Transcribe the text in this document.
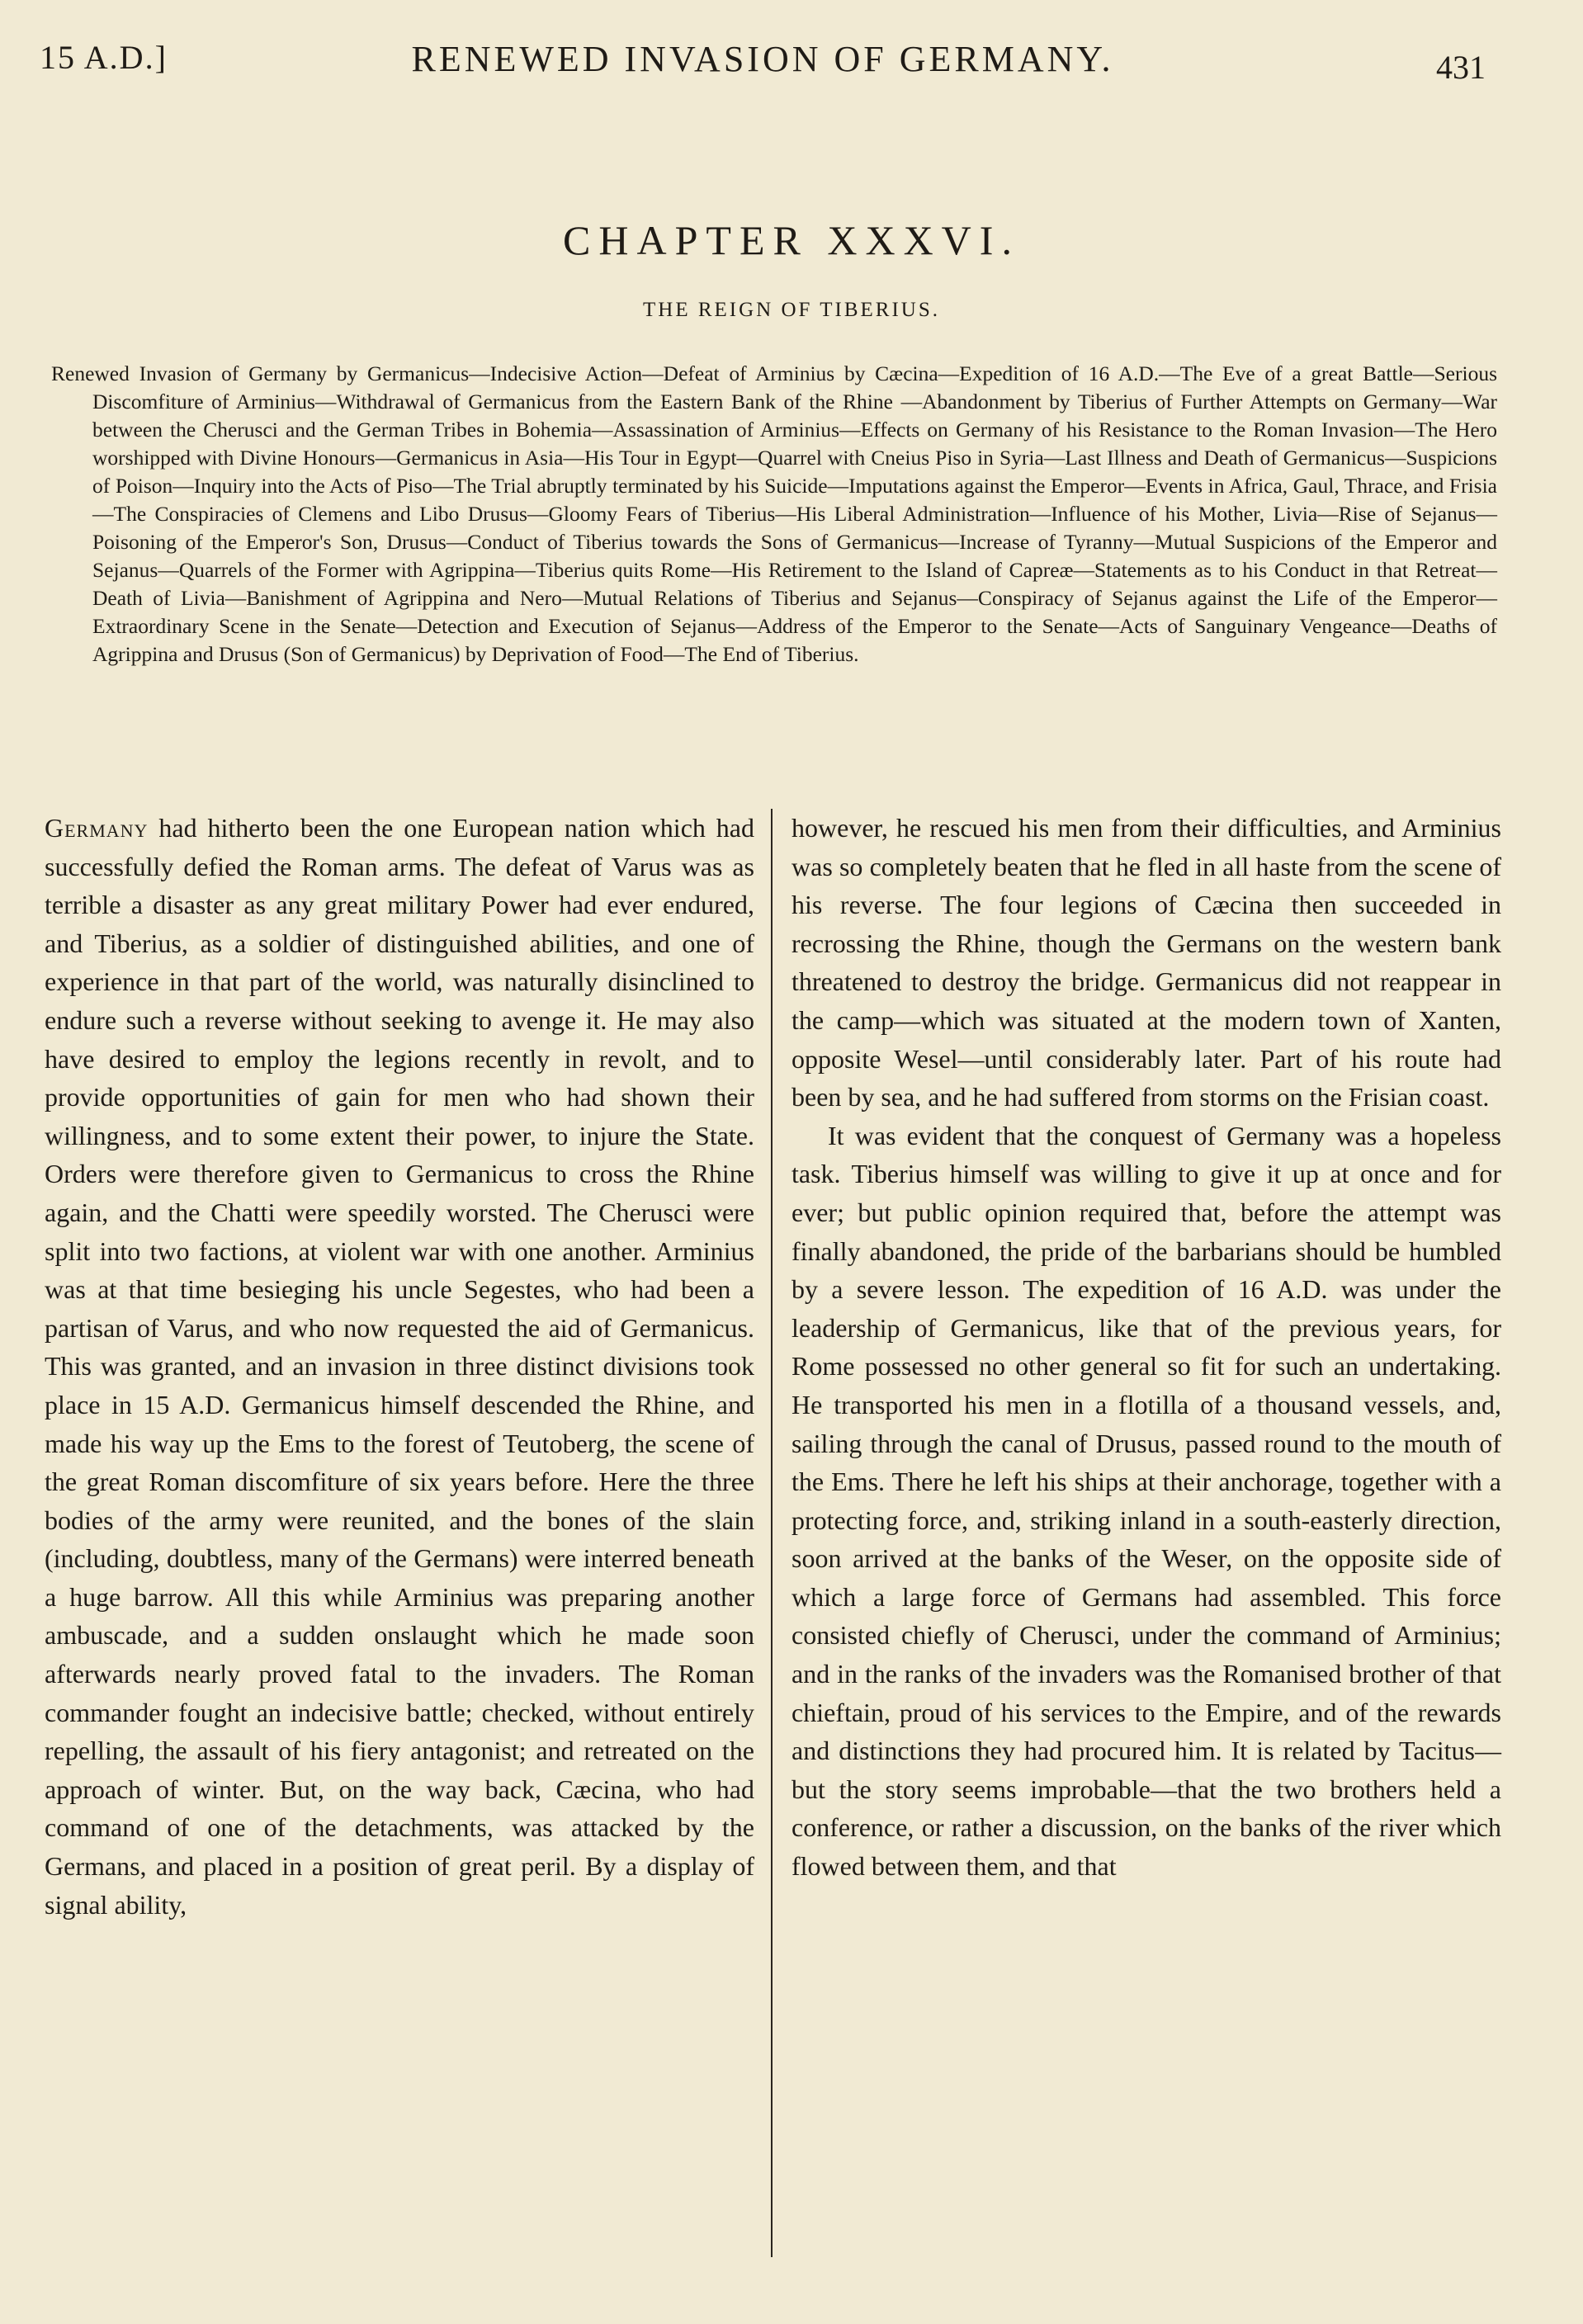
15 A.D.]	RENEWED INVASION OF GERMANY.	431
CHAPTER XXXVI.
THE REIGN OF TIBERIUS.
Renewed Invasion of Germany by Germanicus—Indecisive Action—Defeat of Arminius by Cæcina—Expedition of 16 A.D.—The Eve of a great Battle—Serious Discomfiture of Arminius—Withdrawal of Germanicus from the Eastern Bank of the Rhine —Abandonment by Tiberius of Further Attempts on Germany—War between the Cherusci and the German Tribes in Bohemia—Assassination of Arminius—Effects on Germany of his Resistance to the Roman Invasion—The Hero worshipped with Divine Honours—Germanicus in Asia—His Tour in Egypt—Quarrel with Cneius Piso in Syria—Last Illness and Death of Germanicus—Suspicions of Poison—Inquiry into the Acts of Piso—The Trial abruptly terminated by his Suicide—Imputations against the Emperor—Events in Africa, Gaul, Thrace, and Frisia—The Conspiracies of Clemens and Libo Drusus—Gloomy Fears of Tiberius—His Liberal Administration—Influence of his Mother, Livia—Rise of Sejanus—Poisoning of the Emperor's Son, Drusus—Conduct of Tiberius towards the Sons of Germanicus—Increase of Tyranny—Mutual Suspicions of the Emperor and Sejanus—Quarrels of the Former with Agrippina—Tiberius quits Rome—His Retirement to the Island of Capreæ—Statements as to his Conduct in that Retreat—Death of Livia—Banishment of Agrippina and Nero—Mutual Relations of Tiberius and Sejanus—Conspiracy of Sejanus against the Life of the Emperor—Extraordinary Scene in the Senate—Detection and Execution of Sejanus—Address of the Emperor to the Senate—Acts of Sanguinary Vengeance—Deaths of Agrippina and Drusus (Son of Germanicus) by Deprivation of Food—The End of Tiberius.

Germany had hitherto been the one European nation which had successfully defied the Roman arms. The defeat of Varus was as terrible a disaster as any great military Power had ever endured, and Tiberius, as a soldier of distinguished abilities, and one of experience in that part of the world, was naturally disinclined to endure such a reverse without seeking to avenge it. He may also have desired to employ the legions recently in revolt, and to provide opportunities of gain for men who had shown their willingness, and to some extent their power, to injure the State. Orders were therefore given to Germanicus to cross the Rhine again, and the Chatti were speedily worsted. The Cherusci were split into two factions, at violent war with one another. Arminius was at that time besieging his uncle Segestes, who had been a partisan of Varus, and who now requested the aid of Germanicus. This was granted, and an invasion in three distinct divisions took place in 15 A.D. Germanicus himself descended the Rhine, and made his way up the Ems to the forest of Teutoberg, the scene of the great Roman discomfiture of six years before. Here the three bodies of the army were reunited, and the bones of the slain (including, doubtless, many of the Germans) were interred beneath a huge barrow. All this while Arminius was preparing another ambuscade, and a sudden onslaught which he made soon afterwards nearly proved fatal to the invaders. The Roman commander fought an indecisive battle; checked, without entirely repelling, the assault of his fiery antagonist; and retreated on the approach of winter. But, on the way back, Cæcina, who had command of one of the detachments, was attacked by the Germans, and placed in a position of great peril. By a display of signal ability,

however, he rescued his men from their difficulties, and Arminius was so completely beaten that he fled in all haste from the scene of his reverse. The four legions of Cæcina then succeeded in recrossing the Rhine, though the Germans on the western bank threatened to destroy the bridge. Germanicus did not reappear in the camp—which was situated at the modern town of Xanten, opposite Wesel—until considerably later. Part of his route had been by sea, and he had suffered from storms on the Frisian coast.

It was evident that the conquest of Germany was a hopeless task. Tiberius himself was willing to give it up at once and for ever; but public opinion required that, before the attempt was finally abandoned, the pride of the barbarians should be humbled by a severe lesson. The expedition of 16 A.D. was under the leadership of Germanicus, like that of the previous years, for Rome possessed no other general so fit for such an undertaking. He transported his men in a flotilla of a thousand vessels, and, sailing through the canal of Drusus, passed round to the mouth of the Ems. There he left his ships at their anchorage, together with a protecting force, and, striking inland in a south-easterly direction, soon arrived at the banks of the Weser, on the opposite side of which a large force of Germans had assembled. This force consisted chiefly of Cherusci, under the command of Arminius; and in the ranks of the invaders was the Romanised brother of that chieftain, proud of his services to the Empire, and of the rewards and distinctions they had procured him. It is related by Tacitus—but the story seems improbable—that the two brothers held a conference, or rather a discussion, on the banks of the river which flowed between them, and that
